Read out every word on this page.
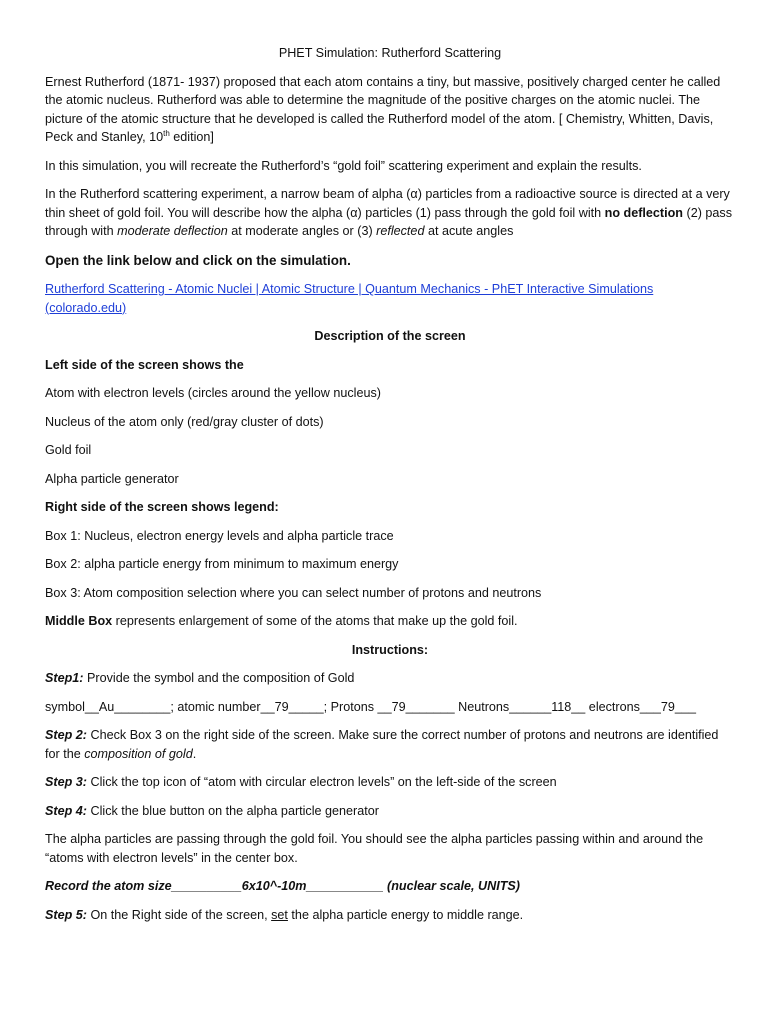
PHET Simulation: Rutherford Scattering

Ernest Rutherford (1871- 1937) proposed that each atom contains a tiny, but massive, positively charged center he called the atomic nucleus. Rutherford was able to determine the magnitude of the positive charges on the atomic nuclei. The picture of the atomic structure that he developed is called the Rutherford model of the atom. [ Chemistry, Whitten, Davis, Peck and Stanley, 10th edition]

In this simulation, you will recreate the Rutherford’s “gold foil” scattering experiment and explain the results.

In the Rutherford scattering experiment, a narrow beam of alpha (α) particles from a radioactive source is directed at a very thin sheet of gold foil. You will describe how the alpha (α) particles (1) pass through the gold foil with no deflection (2) pass through with moderate deflection at moderate angles or (3) reflected at acute angles

Open the link below and click on the simulation.

Rutherford Scattering - Atomic Nuclei | Atomic Structure | Quantum Mechanics - PhET Interactive Simulations (colorado.edu)

Description of the screen

Left side of the screen shows the

Atom with electron levels (circles around the yellow nucleus)

Nucleus of the atom only (red/gray cluster of dots)

Gold foil

Alpha particle generator

Right side of the screen shows legend:

Box 1: Nucleus, electron energy levels and alpha particle trace

Box 2: alpha particle energy from minimum to maximum energy

Box 3: Atom composition selection where you can select number of protons and neutrons

Middle Box represents enlargement of some of the atoms that make up the gold foil.

Instructions:

Step1: Provide the symbol and the composition of Gold

symbol__Au________; atomic number__79_____; Protons __79_______ Neutrons______118__ electrons___79___

Step 2: Check Box 3 on the right side of the screen. Make sure the correct number of protons and neutrons are identified for the composition of gold.

Step 3: Click the top icon of “atom with circular electron levels” on the left-side of the screen

Step 4: Click the blue button on the alpha particle generator

The alpha particles are passing through the gold foil. You should see the alpha particles passing within and around the “atoms with electron levels” in the center box.

Record the atom size__________6x10^-10m___________ (nuclear scale, UNITS)

Step 5: On the Right side of the screen, set the alpha particle energy to middle range.
